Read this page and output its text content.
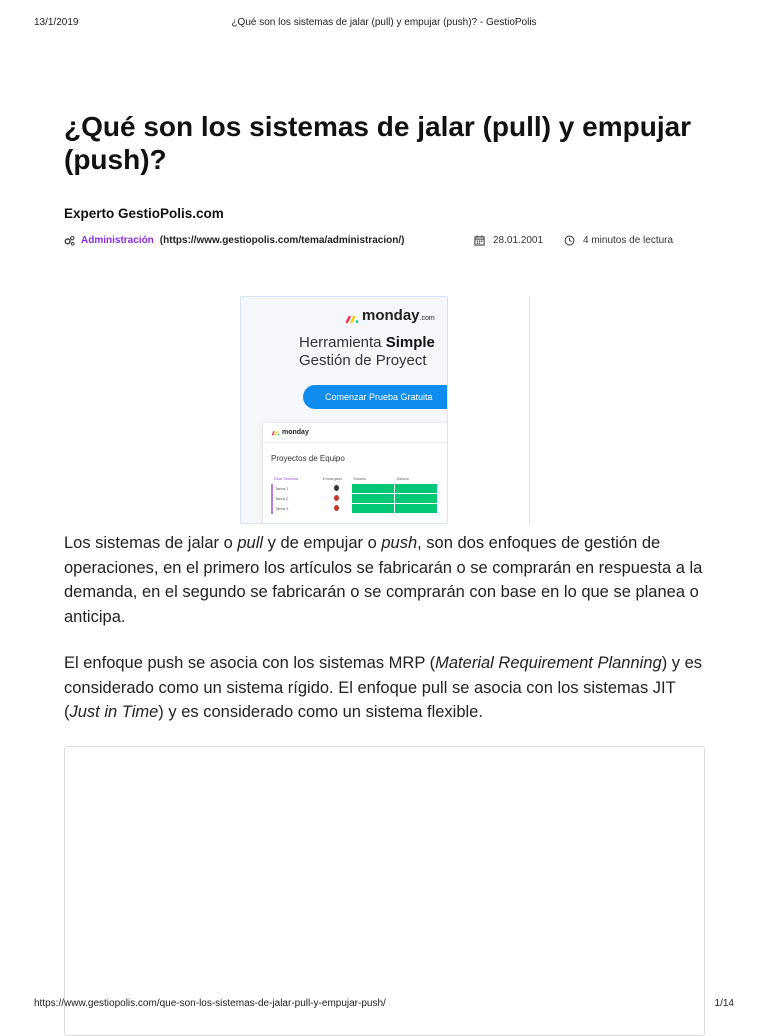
13/1/2019	¿Qué son los sistemas de jalar (pull) y empujar (push)? - GestioPolis
¿Qué son los sistemas de jalar (pull) y empujar (push)?
Experto GestioPolis.com
Administración (https://www.gestiopolis.com/tema/administracion/)	28.01.2001	4 minutos de lectura
monday .com
Herramienta Simple
Gestión de Proyect
Comenzar Prueba Gratuita
monday
Proyectos de Equipo
Esta Semana	Encargado	Estado	Estado
Tarea 1			
Tarea 2			
Tarea 3			

Los sistemas de jalar o pull y de empujar o push, son dos enfoques de gestión de operaciones, en el primero los artículos se fabricarán o se comprarán en respuesta a la demanda, en el segundo se fabricarán o se comprarán con base en lo que se planea o anticipa.

El enfoque push se asocia con los sistemas MRP (Material Requirement Planning) y es considerado como un sistema rígido. El enfoque pull se asocia con los sistemas JIT (Just in Time) y es considerado como un sistema flexible.

https://www.gestiopolis.com/que-son-los-sistemas-de-jalar-pull-y-empujar-push/	1/14
